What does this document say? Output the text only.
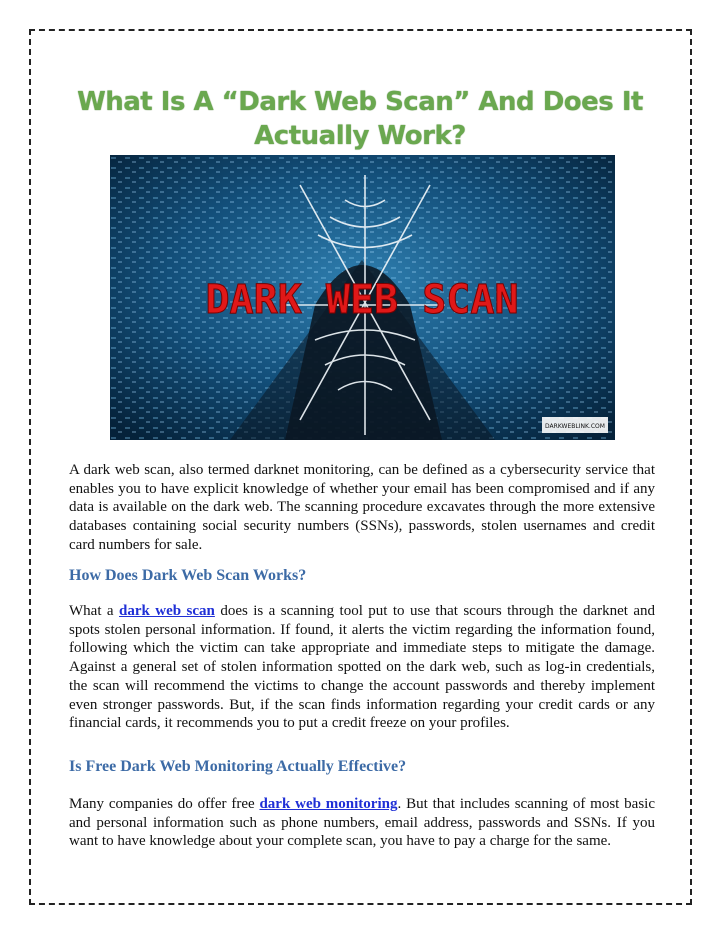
What Is A “Dark Web Scan” And Does It Actually Work?
DARK WEB SCAN
DARKWEBLINK.COM

A dark web scan, also termed darknet monitoring, can be defined as a cybersecurity service that enables you to have explicit knowledge of whether your email has been compromised and if any data is available on the dark web. The scanning procedure excavates through the more extensive databases containing social security numbers (SSNs), passwords, stolen usernames and credit card numbers for sale.

How Does Dark Web Scan Works?

What a dark web scan does is a scanning tool put to use that scours through the darknet and spots stolen personal information. If found, it alerts the victim regarding the information found, following which the victim can take appropriate and immediate steps to mitigate the damage. Against a general set of stolen information spotted on the dark web, such as log-in credentials, the scan will recommend the victims to change the account passwords and thereby implement even stronger passwords. But, if the scan finds information regarding your credit cards or any financial cards, it recommends you to put a credit freeze on your profiles.

Is Free Dark Web Monitoring Actually Effective?

Many companies do offer free dark web monitoring. But that includes scanning of most basic and personal information such as phone numbers, email address, passwords and SSNs. If you want to have knowledge about your complete scan, you have to pay a charge for the same.
